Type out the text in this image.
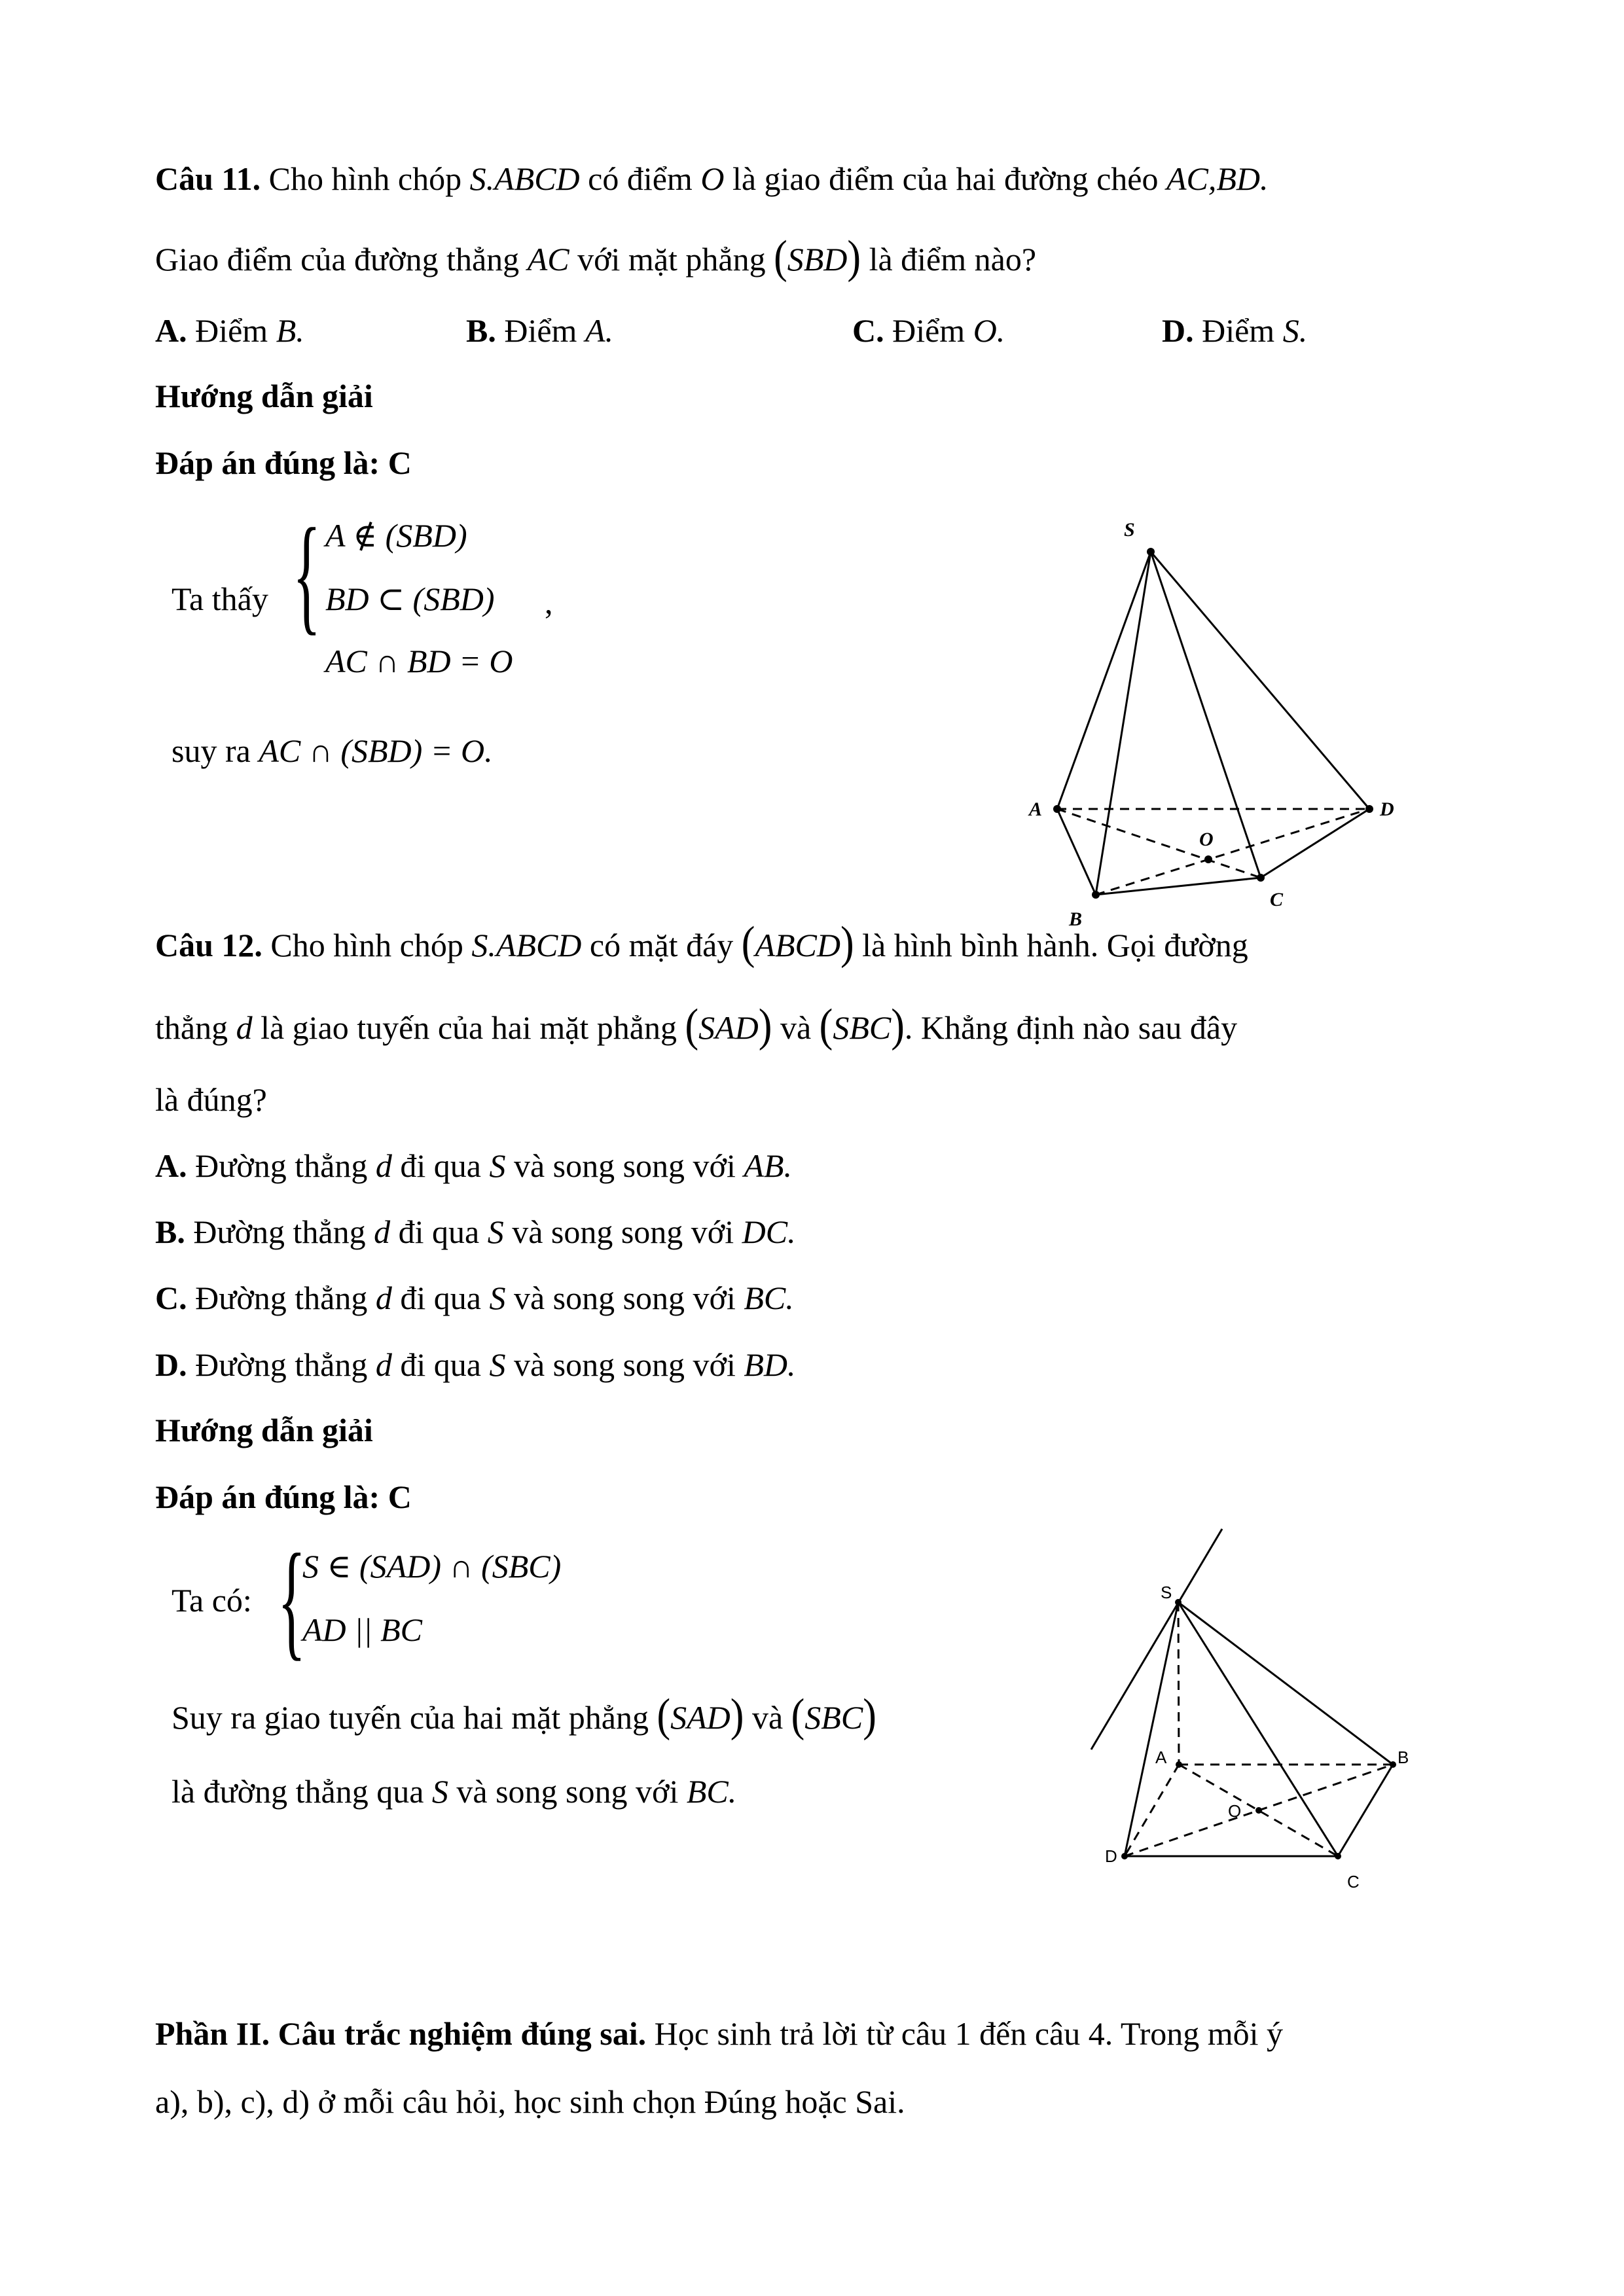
Câu 11. Cho hình chóp S.ABCD có điểm O là giao điểm của hai đường chéo AC,BD.
Giao điểm của đường thẳng AC với mặt phẳng (SBD) là điểm nào?
A. Điểm B.	B. Điểm A.	C. Điểm O.	D. Điểm S.
Hướng dẫn giải
Đáp án đúng là: C
Ta thấy { A ∉ (SBD)
BD ⊂ (SBD)
AC ∩ BD = O
,
suy ra AC ∩ (SBD) = O.
S
A	D
O
C
B
Câu 12. Cho hình chóp S.ABCD có mặt đáy (ABCD) là hình bình hành. Gọi đường
thẳng d là giao tuyến của hai mặt phẳng (SAD) và (SBC). Khẳng định nào sau đây
là đúng?
A. Đường thẳng d đi qua S và song song với AB.
B. Đường thẳng d đi qua S và song song với DC.
C. Đường thẳng d đi qua S và song song với BC.
D. Đường thẳng d đi qua S và song song với BD.
Hướng dẫn giải
Đáp án đúng là: C
Ta có: {
S ∈ (SAD) ∩ (SBC)
AD || BC
Suy ra giao tuyến của hai mặt phẳng (SAD) và (SBC)
là đường thẳng qua S và song song với BC.
S
A	B
O
D
C
Phần II. Câu trắc nghiệm đúng sai. Học sinh trả lời từ câu 1 đến câu 4. Trong mỗi ý
a), b), c), d) ở mỗi câu hỏi, học sinh chọn Đúng hoặc Sai.
